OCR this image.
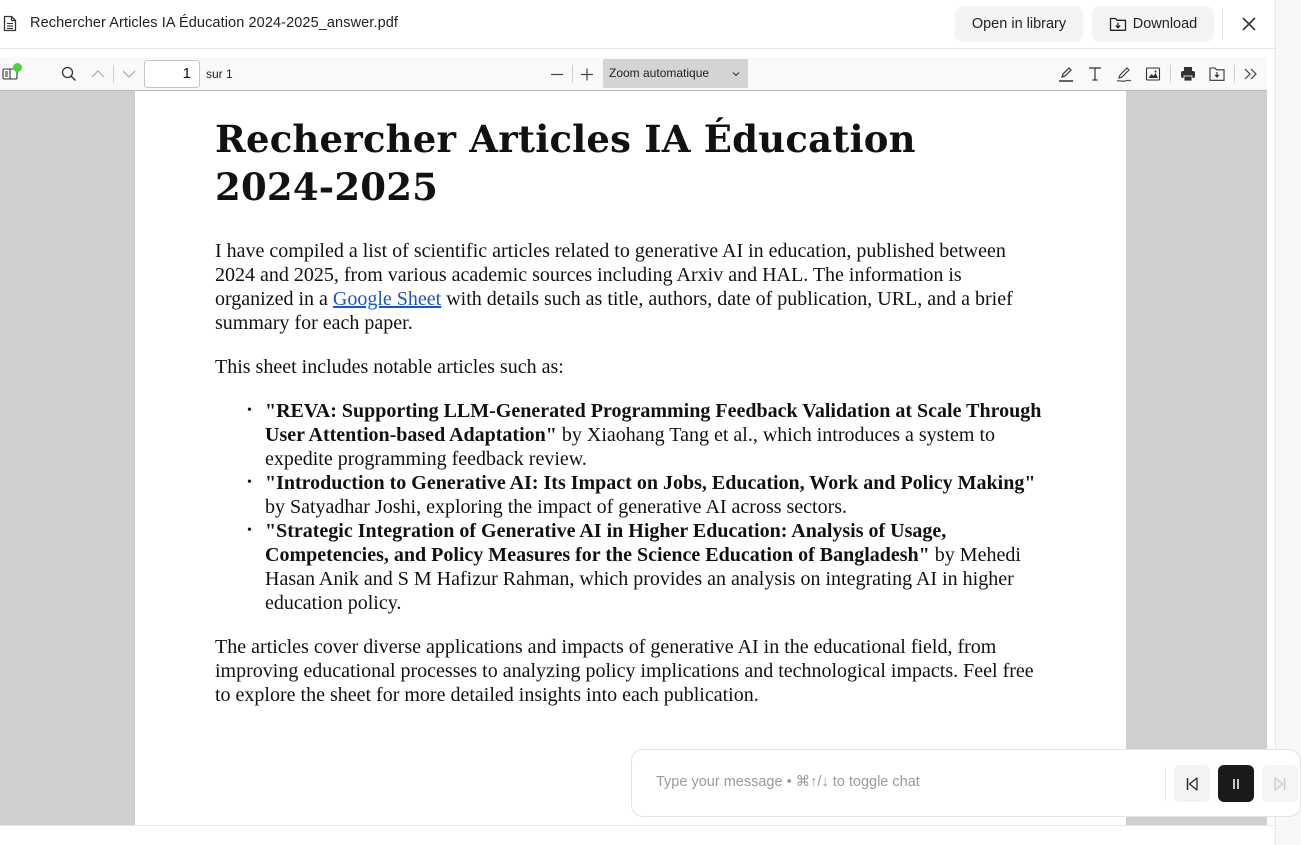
Rechercher Articles IA Éducation 2024-2025_answer.pdf	Open in library	Download
1	sur 1	Zoom automatique
Rechercher Articles IA Éducation 2024-2025

I have compiled a list of scientific articles related to generative AI in education, published between 2024 and 2025, from various academic sources including Arxiv and HAL. The information is organized in a Google Sheet with details such as title, authors, date of publication, URL, and a brief summary for each paper.

This sheet includes notable articles such as:

• "REVA: Supporting LLM-Generated Programming Feedback Validation at Scale Through User Attention-based Adaptation" by Xiaohang Tang et al., which introduces a system to expedite programming feedback review.
• "Introduction to Generative AI: Its Impact on Jobs, Education, Work and Policy Making" by Satyadhar Joshi, exploring the impact of generative AI across sectors.
• "Strategic Integration of Generative AI in Higher Education: Analysis of Usage, Competencies, and Policy Measures for the Science Education of Bangladesh" by Mehedi Hasan Anik and S M Hafizur Rahman, which provides an analysis on integrating AI in higher education policy.

The articles cover diverse applications and impacts of generative AI in the educational field, from improving educational processes to analyzing policy implications and technological impacts. Feel free to explore the sheet for more detailed insights into each publication.

Type your message • ⌘↑/↓ to toggle chat
